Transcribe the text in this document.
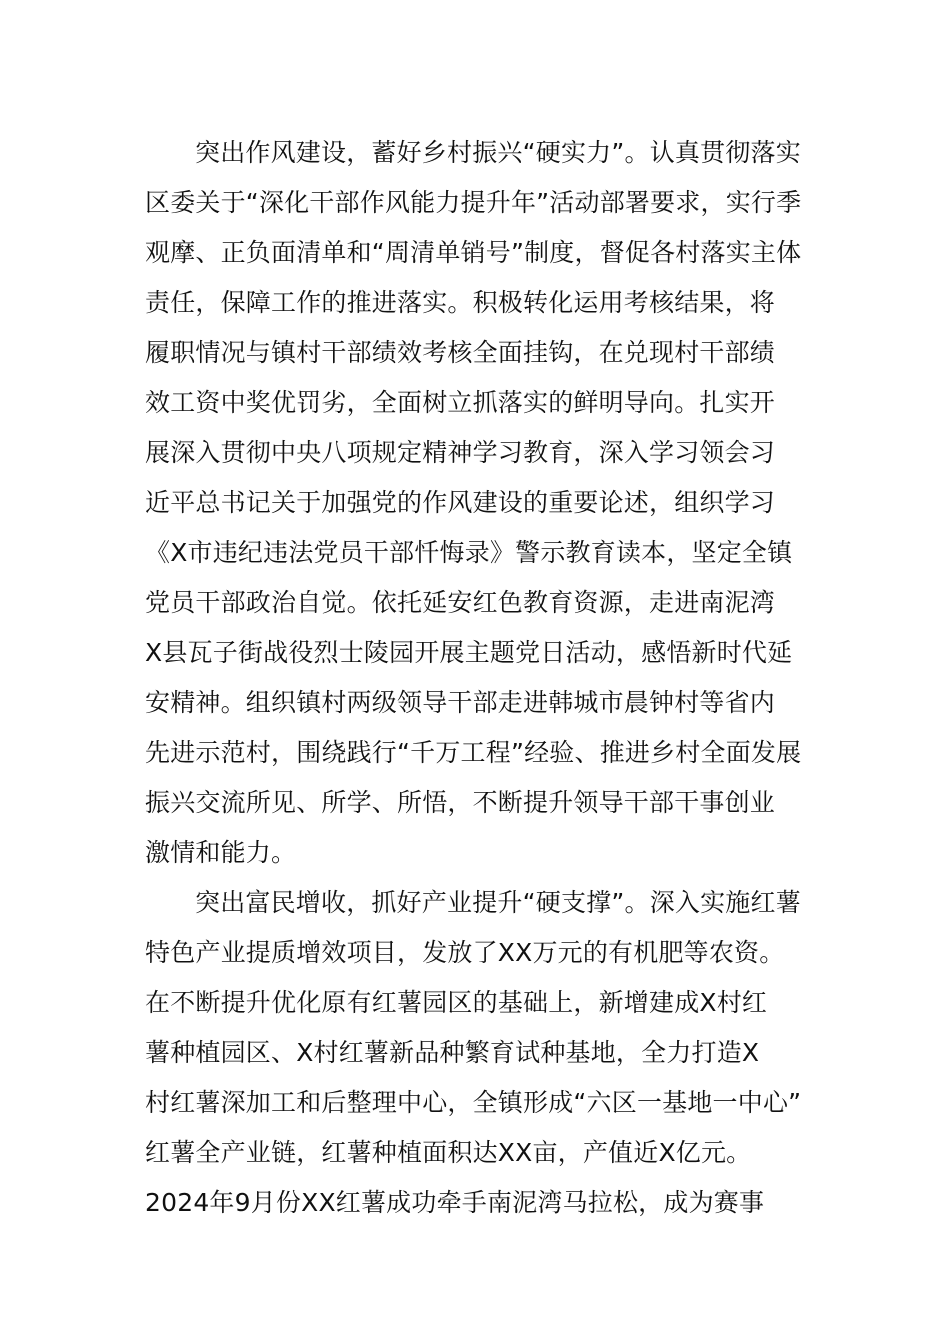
突出作风建设，蓄好乡村振兴“硬实力”。认真贯彻落实
区委关于“深化干部作风能力提升年”活动部署要求，实行季
观摩、正负面清单和“周清单销号”制度，督促各村落实主体
责任，保障工作的推进落实。积极转化运用考核结果，将
履职情况与镇村干部绩效考核全面挂钩，在兑现村干部绩
效工资中奖优罚劣，全面树立抓落实的鲜明导向。扎实开
展深入贯彻中央八项规定精神学习教育，深入学习领会习
近平总书记关于加强党的作风建设的重要论述，组织学习
《X市违纪违法党员干部忏悔录》警示教育读本，坚定全镇
党员干部政治自觉。依托延安红色教育资源，走进南泥湾
X县瓦子街战役烈士陵园开展主题党日活动，感悟新时代延
安精神。组织镇村两级领导干部走进韩城市晨钟村等省内
先进示范村，围绕践行“千万工程”经验、推进乡村全面发展
振兴交流所见、所学、所悟，不断提升领导干部干事创业
激情和能力。
突出富民增收，抓好产业提升“硬支撑”。深入实施红薯
特色产业提质增效项目，发放了XX万元的有机肥等农资。
在不断提升优化原有红薯园区的基础上，新增建成X村红
薯种植园区、X村红薯新品种繁育试种基地，全力打造X
村红薯深加工和后整理中心，全镇形成“六区一基地一中心”
红薯全产业链，红薯种植面积达XX亩，产值近X亿元。
2024年9月份XX红薯成功牵手南泥湾马拉松，成为赛事
